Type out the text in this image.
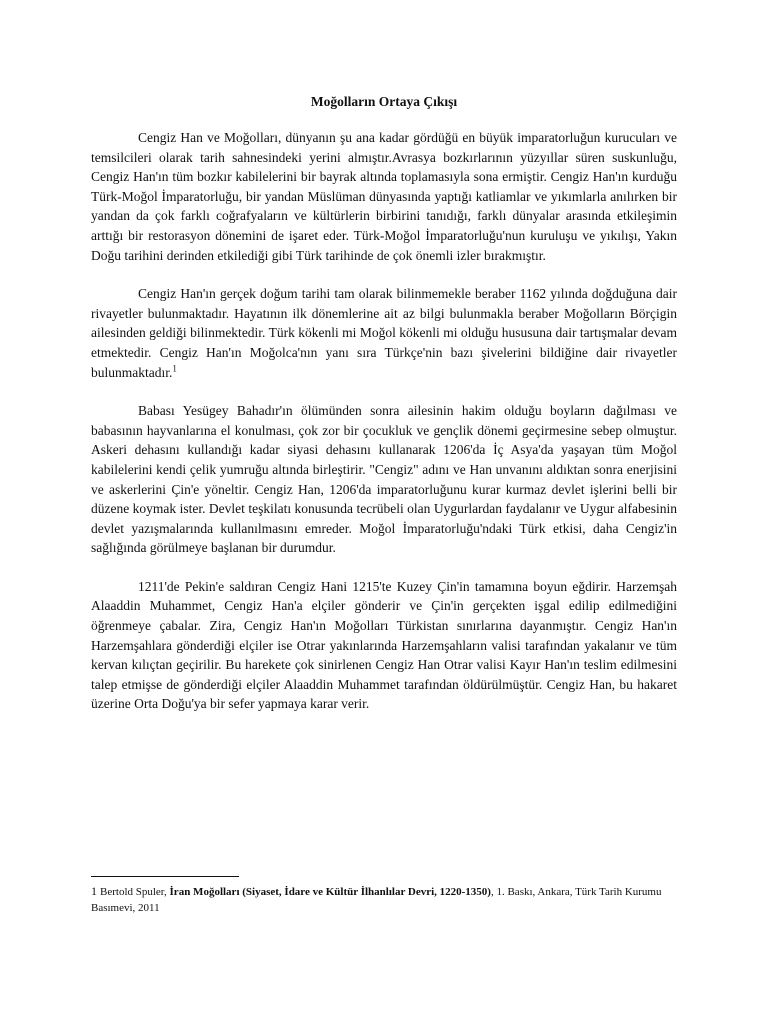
Moğolların Ortaya Çıkışı

Cengiz Han ve Moğolları, dünyanın şu ana kadar gördüğü en büyük imparatorluğun kurucuları ve temsilcileri olarak tarih sahnesindeki yerini almıştır.Avrasya bozkırlarının yüzyıllar süren suskunluğu, Cengiz Han'ın tüm bozkır kabilelerini bir bayrak altında toplamasıyla sona ermiştir. Cengiz Han'ın kurduğu Türk-Moğol İmparatorluğu, bir yandan Müslüman dünyasında yaptığı katliamlar ve yıkımlarla anılırken bir yandan da çok farklı coğrafyaların ve kültürlerin birbirini tanıdığı, farklı dünyalar arasında etkileşimin arttığı bir restorasyon dönemini de işaret eder. Türk-Moğol İmparatorluğu'nun kuruluşu ve yıkılışı, Yakın Doğu tarihini derinden etkilediği gibi Türk tarihinde de çok önemli izler bırakmıştır.

Cengiz Han'ın gerçek doğum tarihi tam olarak bilinmemekle beraber 1162 yılında doğduğuna dair rivayetler bulunmaktadır. Hayatının ilk dönemlerine ait az bilgi bulunmakla beraber Moğolların Börçigin ailesinden geldiği bilinmektedir. Türk kökenli mi Moğol kökenli mi olduğu hususuna dair tartışmalar devam etmektedir. Cengiz Han'ın Moğolca'nın yanı sıra Türkçe'nin bazı şivelerini bildiğine dair rivayetler bulunmaktadır.$^1$

Babası Yesügey Bahadır'ın ölümünden sonra ailesinin hakim olduğu boyların dağılması ve babasının hayvanlarına el konulması, çok zor bir çocukluk ve gençlik dönemi geçirmesine sebep olmuştur. Askeri dehasını kullandığı kadar siyasi dehasını kullanarak 1206'da İç Asya'da yaşayan tüm Moğol kabilelerini kendi çelik yumruğu altında birleştirir. "Cengiz" adını ve Han unvanını aldıktan sonra enerjisini ve askerlerini Çin'e yöneltir. Cengiz Han, 1206'da imparatorluğunu kurar kurmaz devlet işlerini belli bir düzene koymak ister. Devlet teşkilatı konusunda tecrübeli olan Uygurlardan faydalanır ve Uygur alfabesinin devlet yazışmalarında kullanılmasını emreder. Moğol İmparatorluğu'ndaki Türk etkisi, daha Cengiz'in sağlığında görülmeye başlanan bir durumdur.

1211'de Pekin'e saldıran Cengiz Hani 1215'te Kuzey Çin'in tamamına boyun eğdirir. Harzemşah Alaaddin Muhammet, Cengiz Han'a elçiler gönderir ve Çin'in gerçekten işgal edilip edilmediğini öğrenmeye çabalar. Zira, Cengiz Han'ın Moğolları Türkistan sınırlarına dayanmıştır. Cengiz Han'ın Harzemşahlara gönderdiği elçiler ise Otrar yakınlarında Harzemşahların valisi tarafından yakalanır ve tüm kervan kılıçtan geçirilir. Bu harekete çok sinirlenen Cengiz Han Otrar valisi Kayır Han'ın teslim edilmesini talep etmişse de gönderdiği elçiler Alaaddin Muhammet tarafından öldürülmüştür. Cengiz Han, bu hakaret üzerine Orta Doğu'ya bir sefer yapmaya karar verir.

1 Bertold Spuler, İran Moğolları (Siyaset, İdare ve Kültür İlhanlılar Devri, 1220-1350), 1. Baskı, Ankara, Türk Tarih Kurumu Basımevi, 2011
